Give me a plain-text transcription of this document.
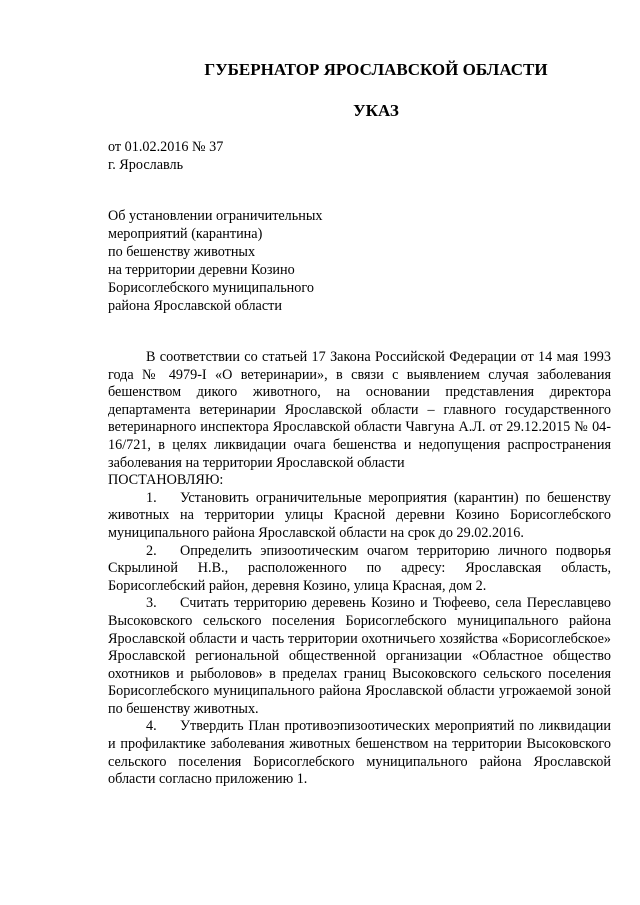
ГУБЕРНАТОР ЯРОСЛАВСКОЙ ОБЛАСТИ
УКАЗ
от 01.02.2016 № 37
г. Ярославль
Об установлении ограничительных
мероприятий (карантина)
по бешенству животных
на территории деревни Козино
Борисоглебского муниципального
района Ярославской области

В соответствии со статьей 17 Закона Российской Федерации от 14 мая 1993 года № 4979-I «О ветеринарии», в связи с выявлением случая заболевания бешенством дикого животного, на основании представления директора департамента ветеринарии Ярославской области – главного государственного ветеринарного инспектора Ярославской области Чавгуна А.Л. от 29.12.2015 № 04-16/721, в целях ликвидации очага бешенства и недопущения распространения заболевания на территории Ярославской области

ПОСТАНОВЛЯЮ:

1. Установить ограничительные мероприятия (карантин) по бешенству животных на территории улицы Красной деревни Козино Борисоглебского муниципального района Ярославской области на срок до 29.02.2016.

2. Определить эпизоотическим очагом территорию личного подворья Скрылиной Н.В., расположенного по адресу: Ярославская область, Борисоглебский район, деревня Козино, улица Красная, дом 2.

3. Считать территорию деревень Козино и Тюфеево, села Переславцево Высоковского сельского поселения Борисоглебского муниципального района Ярославской области и часть территории охотничьего хозяйства «Борисоглебское» Ярославской региональной общественной организации «Областное общество охотников и рыболовов» в пределах границ Высоковского сельского поселения Борисоглебского муниципального района Ярославской области угрожаемой зоной по бешенству животных.

4. Утвердить План противоэпизоотических мероприятий по ликвидации и профилактике заболевания животных бешенством на территории Высоковского сельского поселения Борисоглебского муниципального района Ярославской области согласно приложению 1.
